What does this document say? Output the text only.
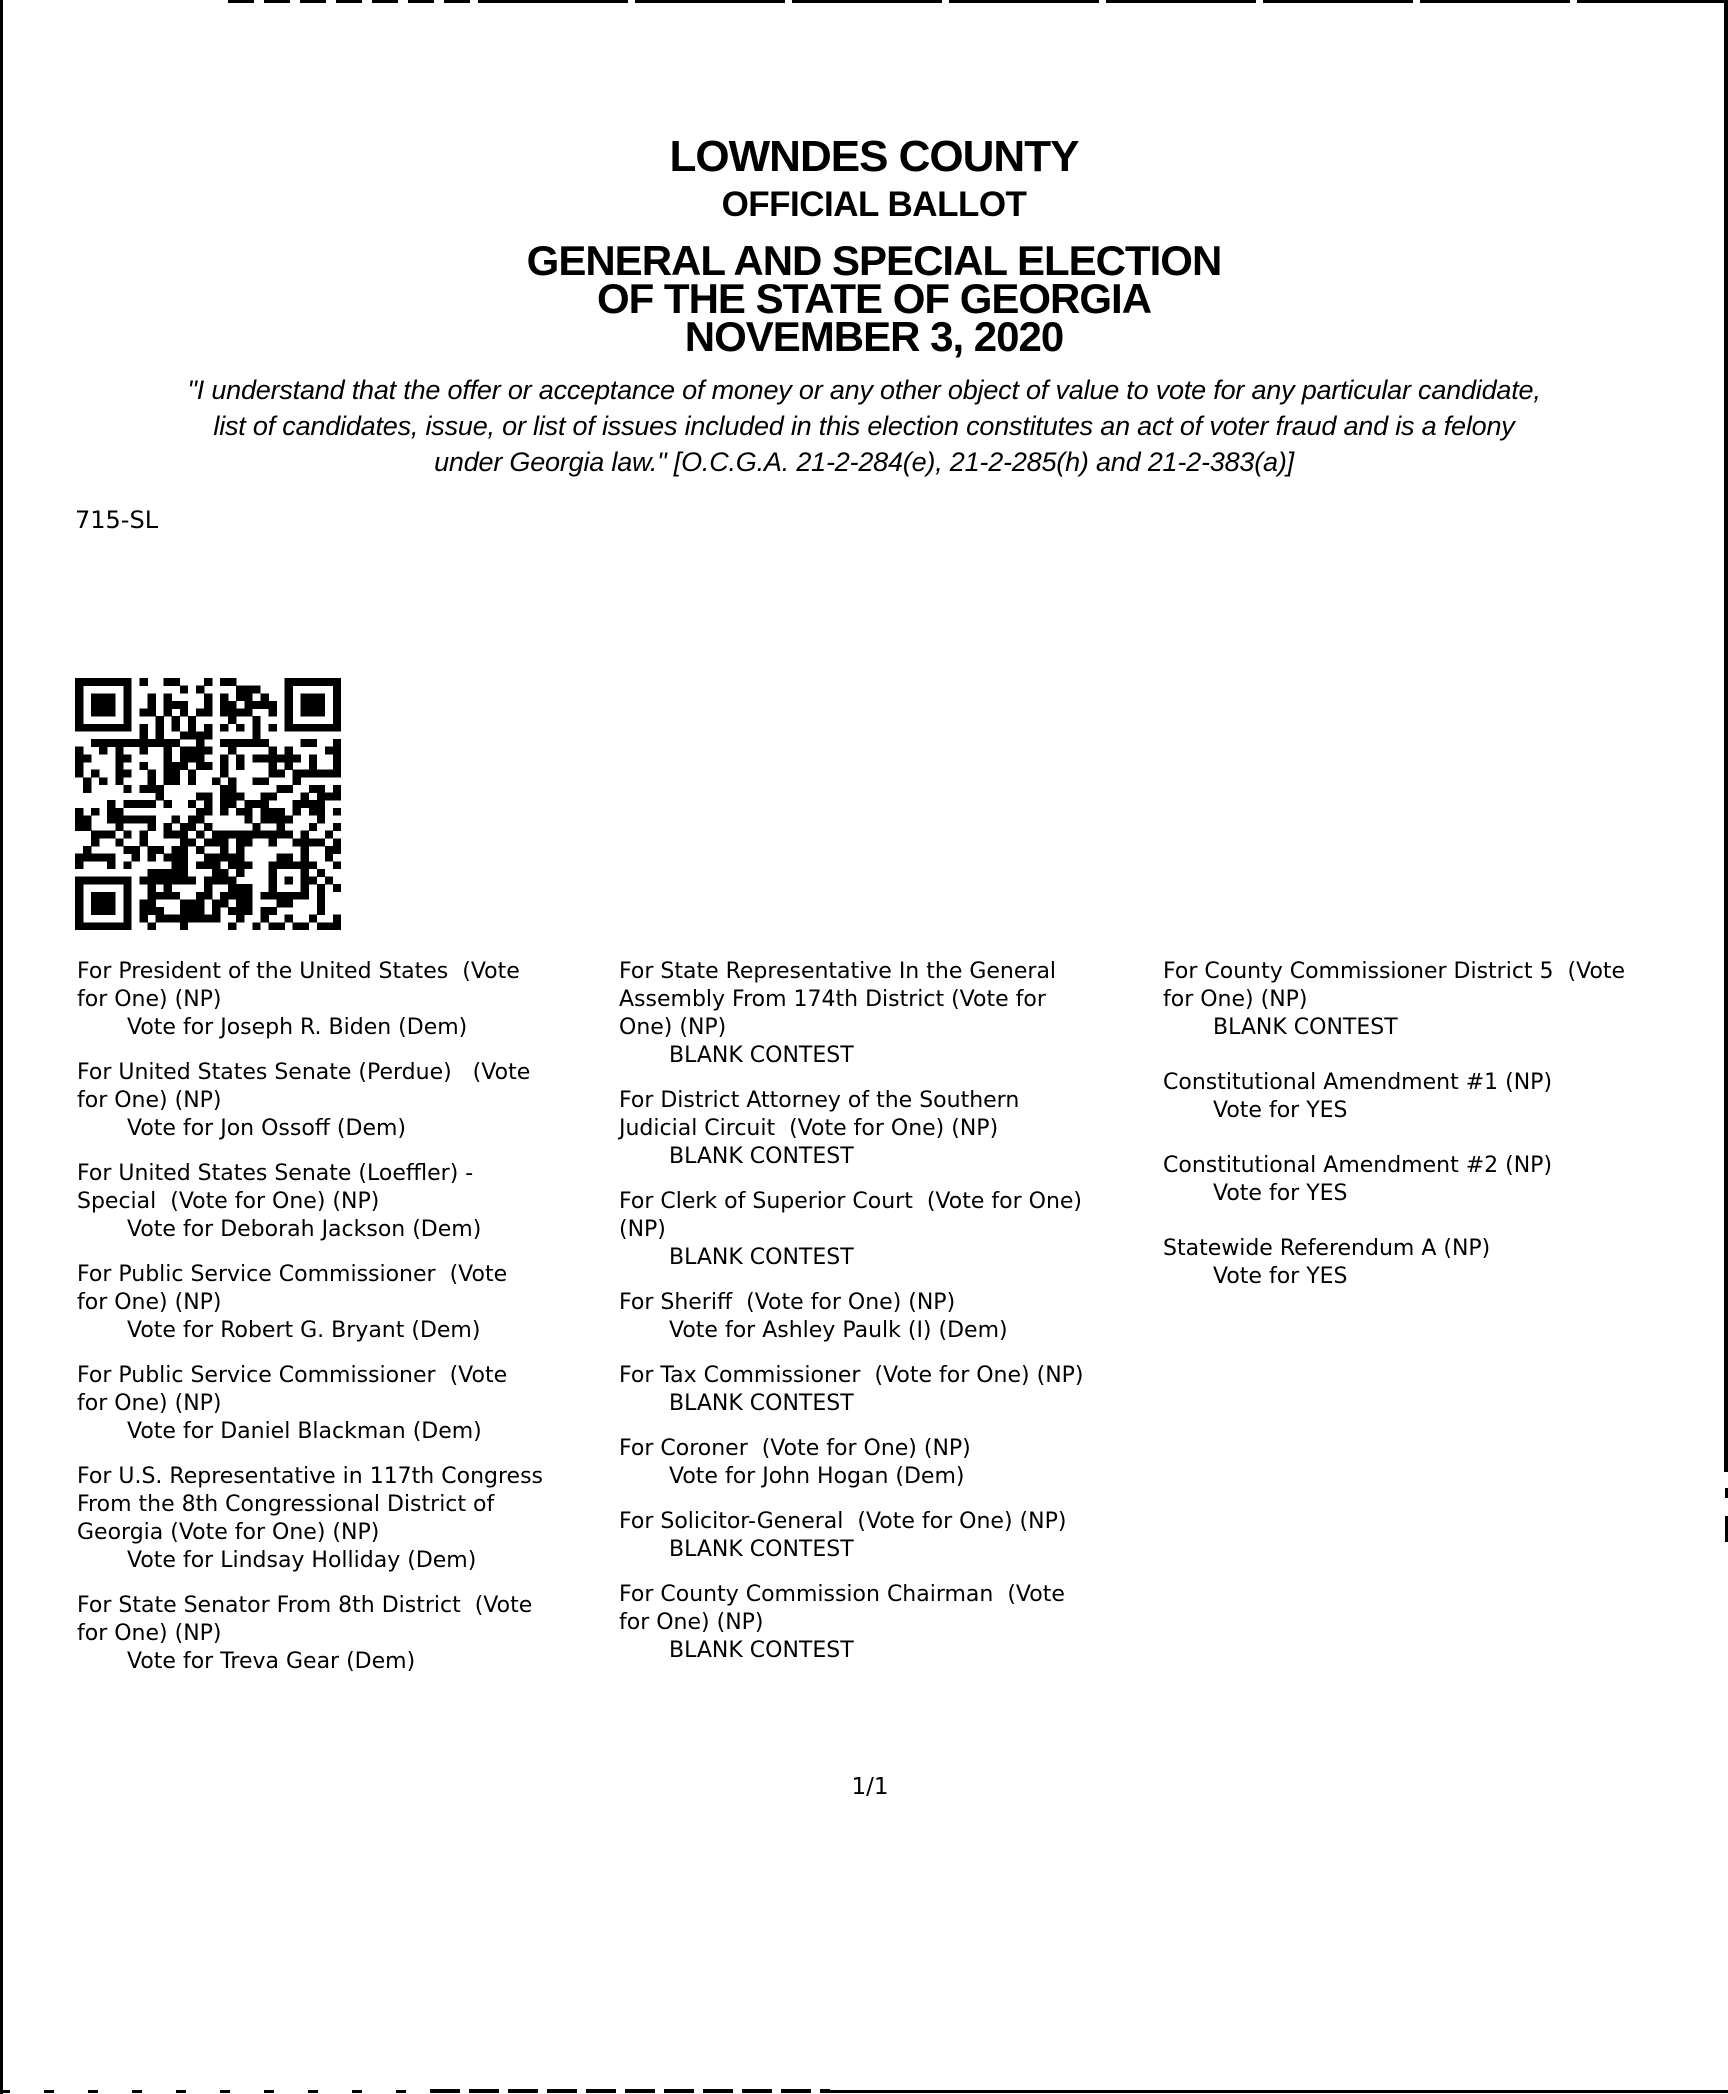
LOWNDES COUNTY
OFFICIAL BALLOT
GENERAL AND SPECIAL ELECTION
OF THE STATE OF GEORGIA
NOVEMBER 3, 2020
"I understand that the offer or acceptance of money or any other object of value to vote for any particular candidate,
list of candidates, issue, or list of issues included in this election constitutes an act of voter fraud and is a felony
under Georgia law." [O.C.G.A. 21-2-284(e), 21-2-285(h) and 21-2-383(a)]
715-SL
For President of the United States  (Vote
for One) (NP)
Vote for Joseph R. Biden (Dem)
For United States Senate (Perdue)   (Vote
for One) (NP)
Vote for Jon Ossoff (Dem)
For United States Senate (Loeffler) -
Special  (Vote for One) (NP)
Vote for Deborah Jackson (Dem)
For Public Service Commissioner  (Vote
for One) (NP)
Vote for Robert G. Bryant (Dem)
For Public Service Commissioner  (Vote
for One) (NP)
Vote for Daniel Blackman (Dem)
For U.S. Representative in 117th Congress
From the 8th Congressional District of
Georgia (Vote for One) (NP)
Vote for Lindsay Holliday (Dem)
For State Senator From 8th District  (Vote
for One) (NP)
Vote for Treva Gear (Dem)
For State Representative In the General
Assembly From 174th District (Vote for
One) (NP)
BLANK CONTEST
For District Attorney of the Southern
Judicial Circuit  (Vote for One) (NP)
BLANK CONTEST
For Clerk of Superior Court  (Vote for One)
(NP)
BLANK CONTEST
For Sheriff  (Vote for One) (NP)
Vote for Ashley Paulk (I) (Dem)
For Tax Commissioner  (Vote for One) (NP)
BLANK CONTEST
For Coroner  (Vote for One) (NP)
Vote for John Hogan (Dem)
For Solicitor-General  (Vote for One) (NP)
BLANK CONTEST
For County Commission Chairman  (Vote
for One) (NP)
BLANK CONTEST
For County Commissioner District 5  (Vote
for One) (NP)
BLANK CONTEST
Constitutional Amendment #1 (NP)
Vote for YES
Constitutional Amendment #2 (NP)
Vote for YES
Statewide Referendum A (NP)
Vote for YES
1/1
